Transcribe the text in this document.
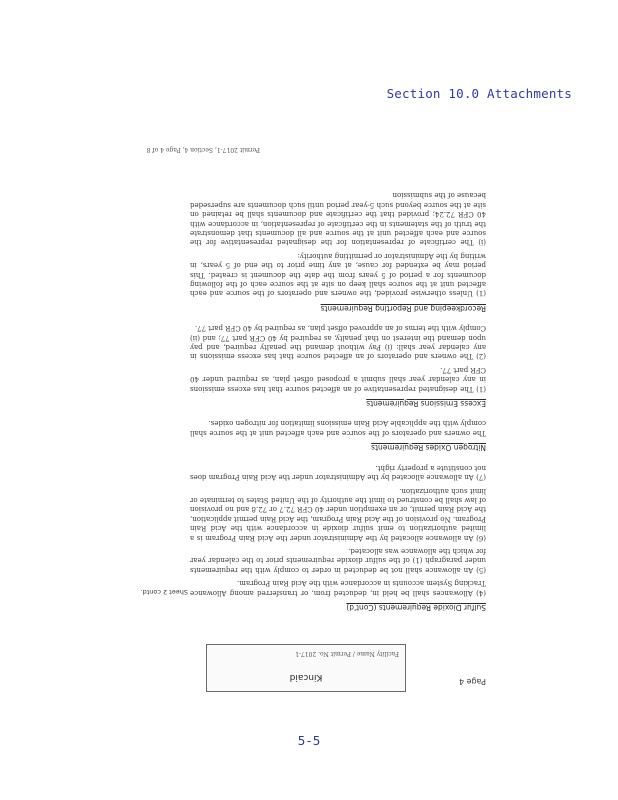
Section 10.0 Attachments
Page 4
Kincaid
Facility Name / Permit No. 2017-1
Sheet 2 contd.
Sulfur Dioxide Requirements (Cont'd)

(4) Allowances shall be held in, deducted from, or transferred among Allowance Tracking System accounts in accordance with the Acid Rain Program.

(5) An allowance shall not be deducted in order to comply with the requirements under paragraph (1) of the sulfur dioxide requirements prior to the calendar year for which the allowance was allocated.

(6) An allowance allocated by the Administrator under the Acid Rain Program is a limited authorization to emit sulfur dioxide in accordance with the Acid Rain Program. No provision of the Acid Rain Program, the Acid Rain permit application, the Acid Rain permit, or an exemption under 40 CFR 72.7 or 72.8 and no provision of law shall be construed to limit the authority of the United States to terminate or limit such authorization.

(7) An allowance allocated by the Administrator under the Acid Rain Program does not constitute a property right.

Nitrogen Oxides Requirements

The owners and operators of the source and each affected unit at the source shall comply with the applicable Acid Rain emissions limitation for nitrogen oxides.

Excess Emissions Requirements

(1) The designated representative of an affected source that has excess emissions in any calendar year shall submit a proposed offset plan, as required under 40 CFR part 77.

(2) The owners and operators of an affected source that has excess emissions in any calendar year shall: (i) Pay without demand the penalty required, and pay upon demand the interest on that penalty, as required by 40 CFR part 77; and (ii) Comply with the terms of an approved offset plan, as required by 40 CFR part 77.

Recordkeeping and Reporting Requirements

(1) Unless otherwise provided, the owners and operators of the source and each affected unit at the source shall keep on site at the source each of the following documents for a period of 5 years from the date the document is created. This period may be extended for cause, at any time prior to the end of 5 years, in writing by the Administrator or permitting authority:

(i) The certificate of representation for the designated representative for the source and each affected unit at the source and all documents that demonstrate the truth of the statements in the certificate of representation, in accordance with 40 CFR 72.24; provided that the certificate and documents shall be retained on site at the source beyond such 5-year period until such documents are superseded because of the submission

Permit 2017-1, Section 4, Page 4 of 8
5-5
